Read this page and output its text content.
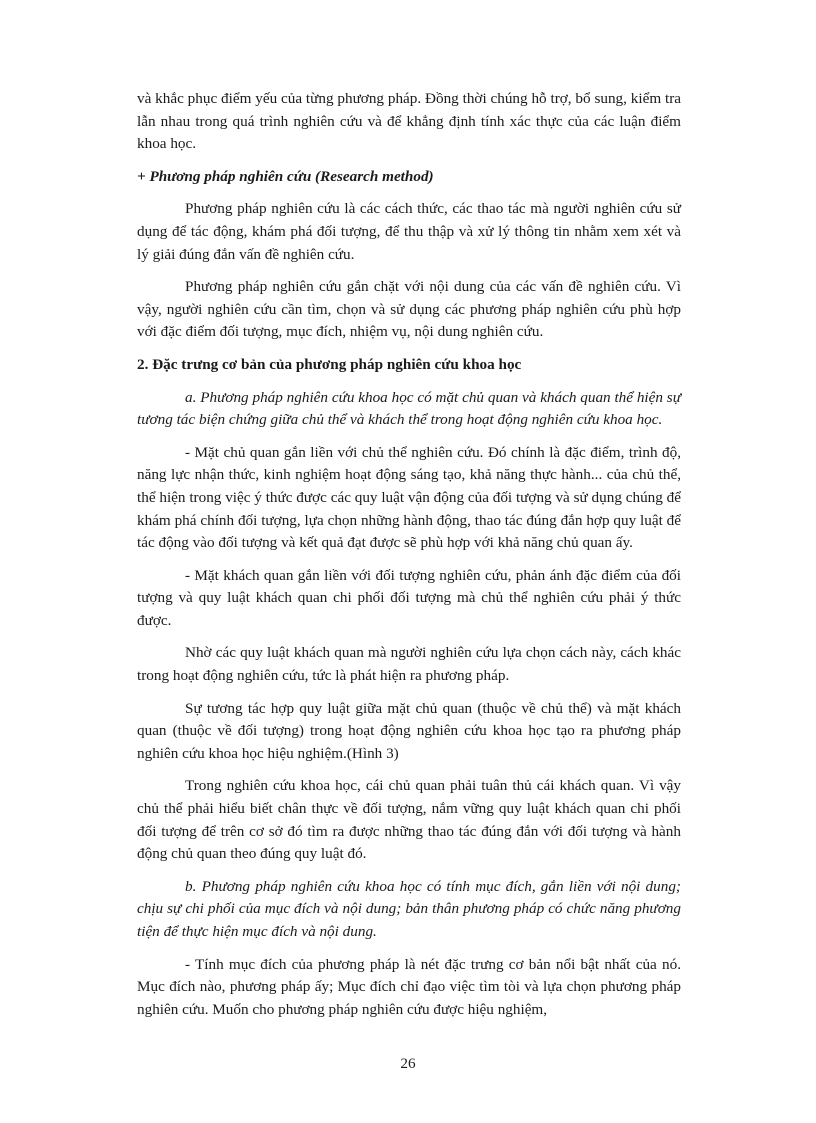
và khắc phục điểm yếu của từng phương pháp. Đồng thời chúng hỗ trợ, bổ sung, kiểm tra lẫn nhau trong quá trình nghiên cứu và để khẳng định tính xác thực của các luận điểm khoa học.

+ Phương pháp nghiên cứu (Research method)

Phương pháp nghiên cứu là các cách thức, các thao tác mà người nghiên cứu sử dụng để tác động, khám phá đối tượng, để thu thập và xử lý thông tin nhằm xem xét và lý giải đúng đắn vấn đề nghiên cứu.

Phương pháp nghiên cứu gắn chặt với nội dung của các vấn đề nghiên cứu. Vì vậy, người nghiên cứu cần tìm, chọn và sử dụng các phương pháp nghiên cứu phù hợp với đặc điểm đối tượng, mục đích, nhiệm vụ, nội dung nghiên cứu.

2. Đặc trưng cơ bản của phương pháp nghiên cứu khoa học

a. Phương pháp nghiên cứu khoa học có mặt chủ quan và khách quan thể hiện sự tương tác biện chứng giữa chủ thể và khách thể trong hoạt động nghiên cứu khoa học.

- Mặt chủ quan gắn liền với chủ thể nghiên cứu. Đó chính là đặc điểm, trình độ, năng lực nhận thức, kinh nghiệm hoạt động sáng tạo, khả năng thực hành... của chủ thể, thể hiện trong việc ý thức được các quy luật vận động của đối tượng và sử dụng chúng để khám phá chính đối tượng, lựa chọn những hành động, thao tác đúng đắn hợp quy luật để tác động vào đối tượng và kết quả đạt được sẽ phù hợp với khả năng chủ quan ấy.

- Mặt khách quan gắn liền với đối tượng nghiên cứu, phản ánh đặc điểm của đối tượng và quy luật khách quan chi phối đối tượng mà chủ thể nghiên cứu phải ý thức được.

Nhờ các quy luật khách quan mà người nghiên cứu lựa chọn cách này, cách khác trong hoạt động nghiên cứu, tức là phát hiện ra phương pháp.

Sự tương tác hợp quy luật giữa mặt chủ quan (thuộc về chủ thể) và mặt khách quan (thuộc về đối tượng) trong hoạt động nghiên cứu khoa học tạo ra phương pháp nghiên cứu khoa học hiệu nghiệm.(Hình 3)

Trong nghiên cứu khoa học, cái chủ quan phải tuân thủ cái khách quan. Vì vậy chủ thể phải hiểu biết chân thực về đối tượng, nắm vững quy luật khách quan chi phối đối tượng để trên cơ sở đó tìm ra được những thao tác đúng đắn với đối tượng và hành động chủ quan theo đúng quy luật đó.

b. Phương pháp nghiên cứu khoa học có tính mục đích, gắn liền với nội dung; chịu sự chi phối của mục đích và nội dung; bản thân phương pháp có chức năng phương tiện để thực hiện mục đích và nội dung.

- Tính mục đích của phương pháp là nét đặc trưng cơ bản nổi bật nhất của nó. Mục đích nào, phương pháp ấy; Mục đích chỉ đạo việc tìm tòi và lựa chọn phương pháp nghiên cứu. Muốn cho phương pháp nghiên cứu được hiệu nghiệm,

26
